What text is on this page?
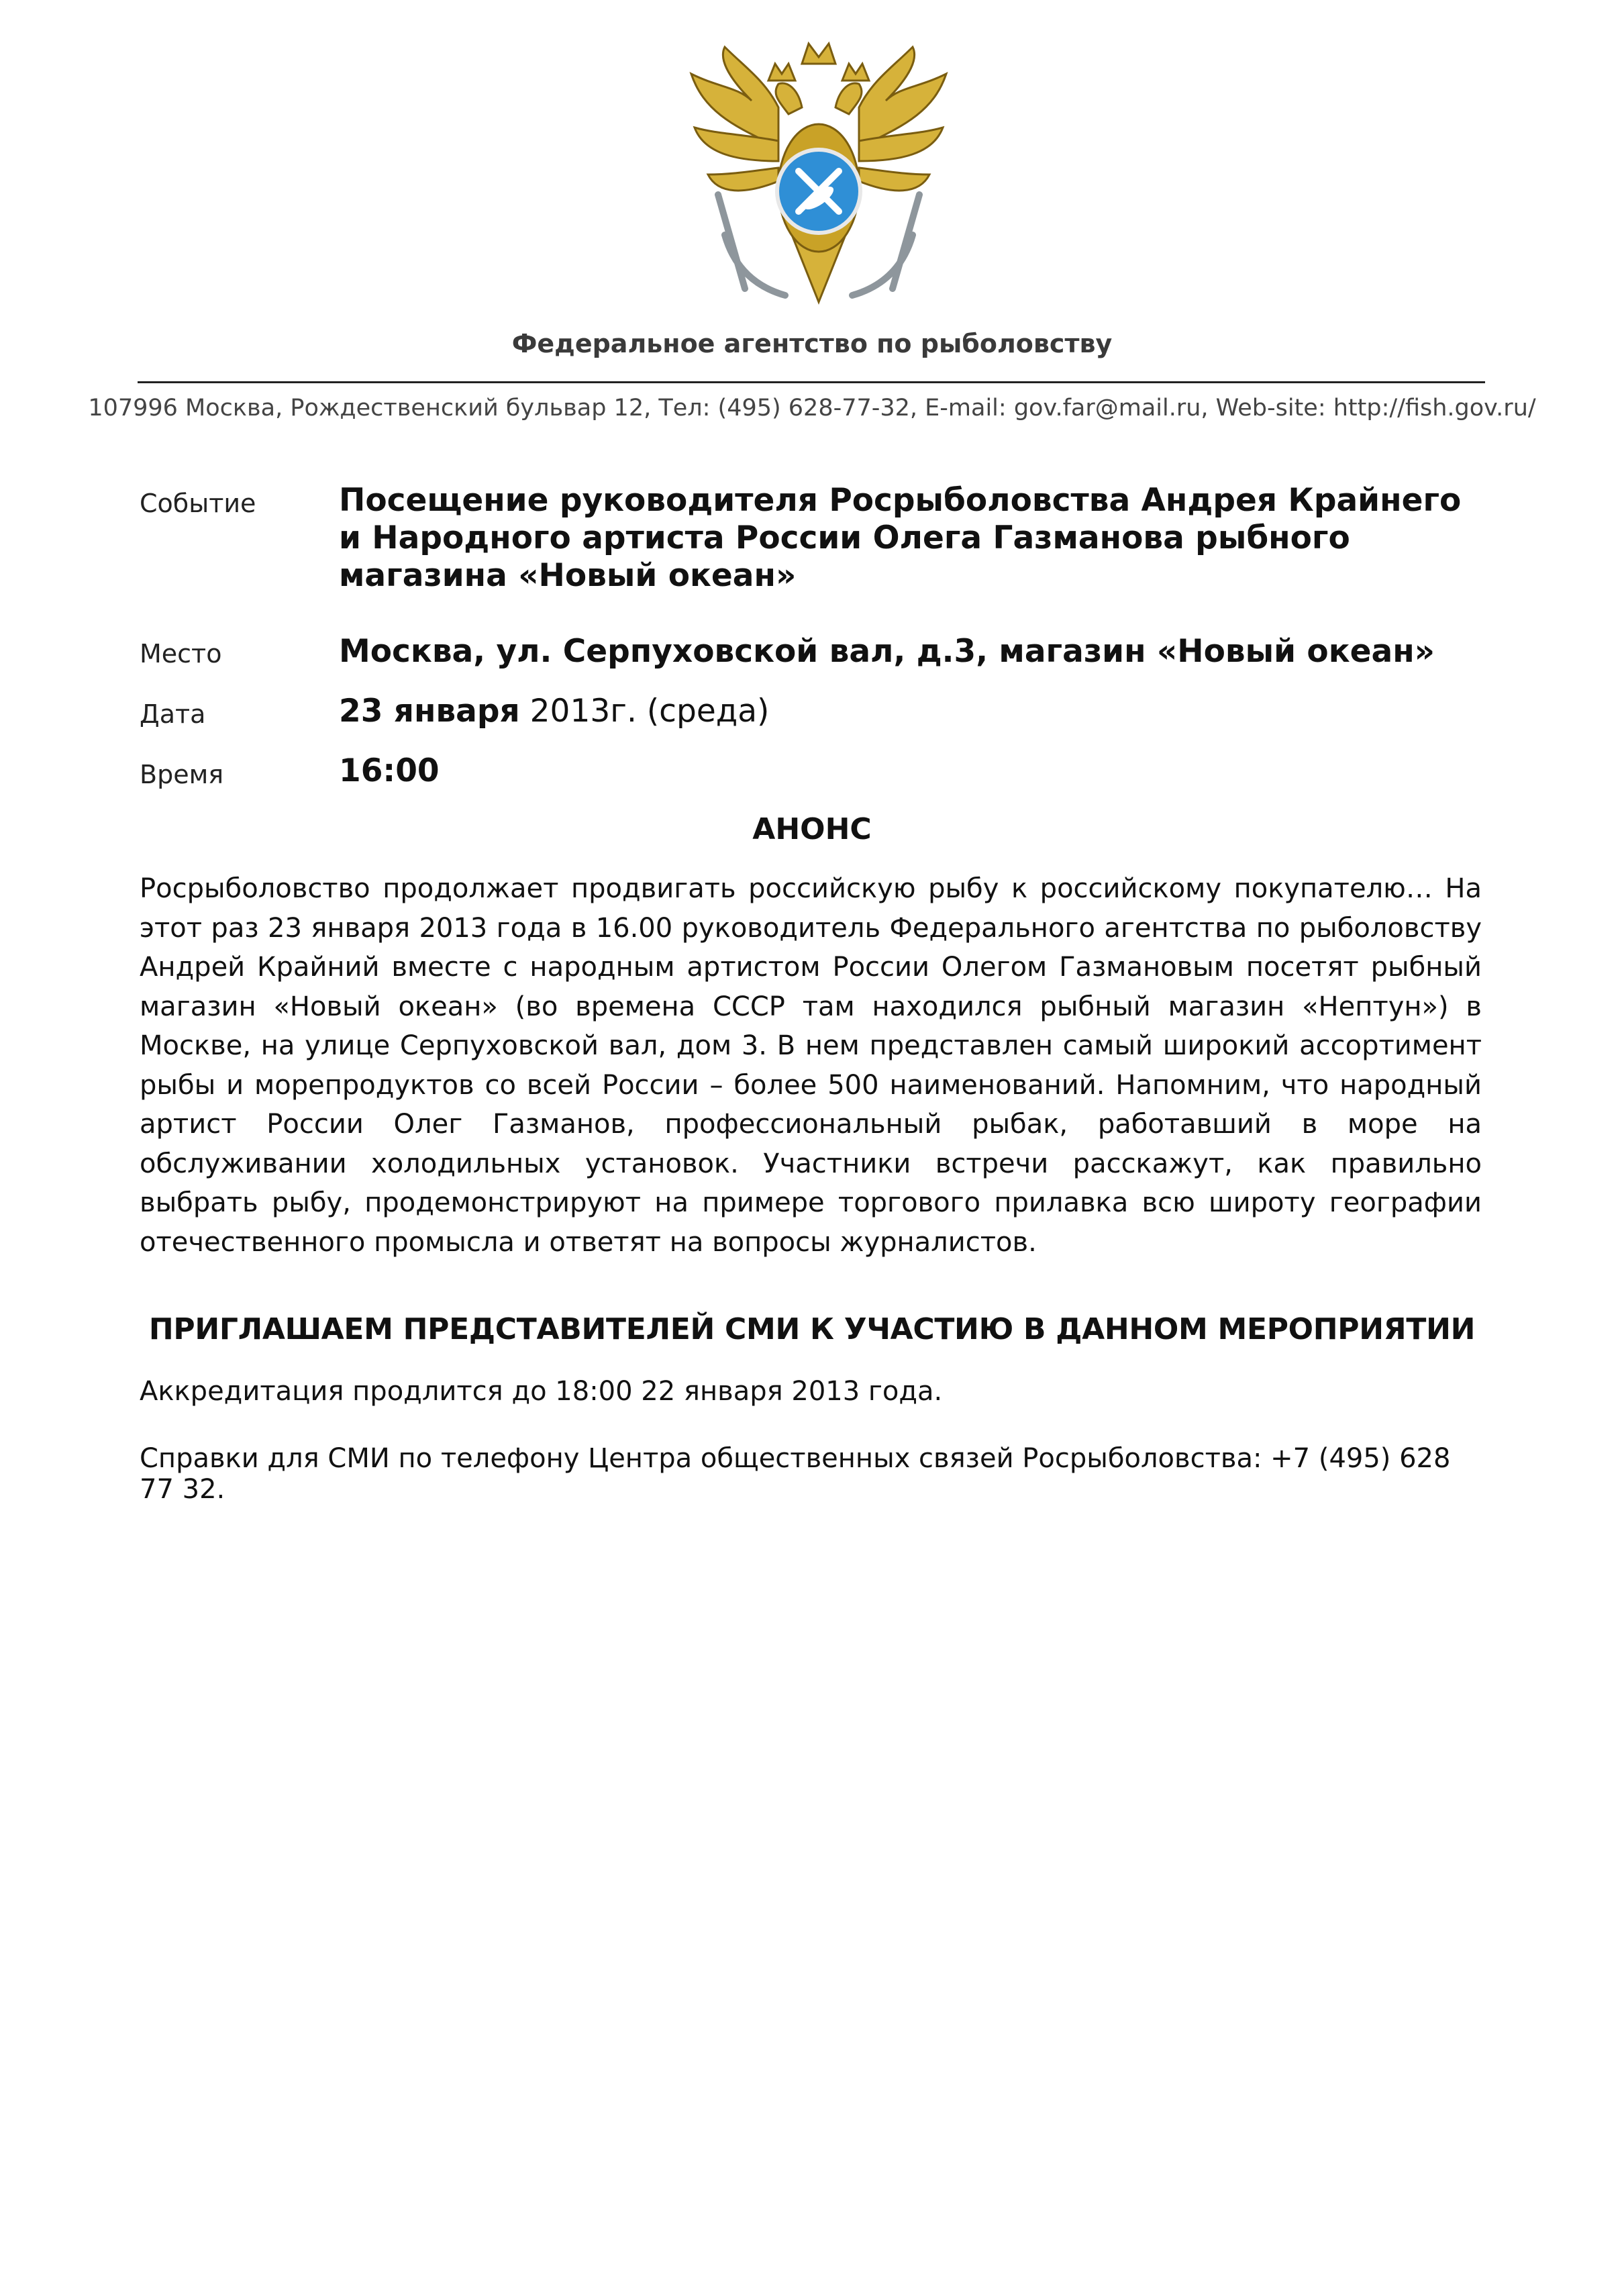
Федеральное агентство по рыболовству
107996 Москва, Рождественский бульвар 12, Тел: (495) 628-77-32, E-mail: gov.far@mail.ru, Web-site: http://fish.gov.ru/
Событие	Посещение руководителя Росрыболовства Андрея Крайнего и Народного артиста России Олега Газманова рыбного магазина «Новый океан»
Место	Москва, ул. Серпуховской вал, д.3, магазин «Новый океан»
Дата	23 января 2013г. (среда)
Время	16:00
АНОНС
Росрыболовство продолжает продвигать российскую рыбу к российскому покупателю… На этот раз 23 января 2013 года в 16.00 руководитель Федерального агентства по рыболовству Андрей Крайний вместе с народным артистом России Олегом Газмановым посетят рыбный магазин «Новый океан» (во времена СССР там находился рыбный магазин «Нептун») в Москве, на улице Серпуховской вал, дом 3. В нем представлен самый широкий ассортимент рыбы и морепродуктов со всей России – более 500 наименований. Напомним, что народный артист России Олег Газманов, профессиональный рыбак, работавший в море на обслуживании холодильных установок. Участники встречи расскажут, как правильно выбрать рыбу, продемонстрируют на примере торгового прилавка всю широту географии отечественного промысла и ответят на вопросы журналистов.
ПРИГЛАШАЕМ ПРЕДСТАВИТЕЛЕЙ СМИ К УЧАСТИЮ В ДАННОМ МЕРОПРИЯТИИ
Аккредитация продлится до 18:00 22 января 2013 года.
Справки для СМИ по телефону Центра общественных связей Росрыболовства: +7 (495) 628 77 32.
